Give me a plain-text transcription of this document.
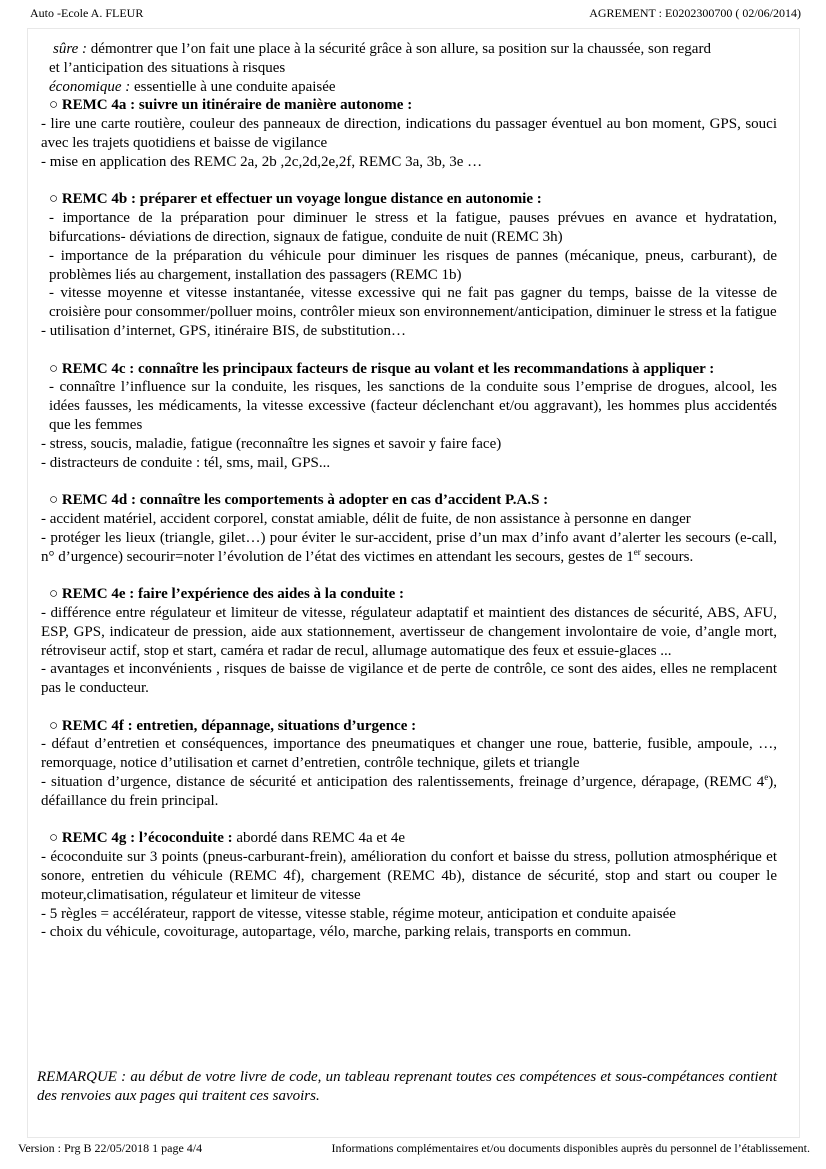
Auto -Ecole A. FLEUR	AGREMENT : E0202300700 ( 02/06/2014)

sûre : démontrer que l’on fait une place à la sécurité grâce à son allure, sa position sur la chaussée, son regard

et l’anticipation des situations à risques

économique : essentielle à une conduite apaisée

○ REMC 4a : suivre un itinéraire de manière autonome :

- lire une carte routière, couleur des panneaux de direction, indications du passager éventuel au bon moment, GPS, souci avec les trajets quotidiens et baisse de vigilance

- mise en application des REMC 2a, 2b ,2c,2d,2e,2f, REMC 3a, 3b, 3e …

○ REMC 4b : préparer et effectuer un voyage longue distance en autonomie :

- importance de la préparation pour diminuer le stress et la fatigue, pauses prévues en avance et hydratation, bifurcations- déviations de direction, signaux de fatigue, conduite de nuit (REMC 3h)

- importance de la préparation du véhicule pour diminuer les risques de pannes (mécanique, pneus, carburant), de problèmes liés au chargement, installation des passagers (REMC 1b)

- vitesse moyenne et vitesse instantanée, vitesse excessive qui ne fait pas gagner du temps, baisse de la vitesse de croisière pour consommer/polluer moins, contrôler mieux son environnement/anticipation, diminuer le stress et la fatigue

- utilisation d’internet, GPS, itinéraire BIS, de substitution…

○ REMC 4c : connaître les principaux facteurs de risque au volant et les recommandations à appliquer :

- connaître l’influence sur la conduite, les risques, les sanctions de la conduite sous l’emprise de drogues, alcool, les idées fausses, les médicaments, la vitesse excessive (facteur déclenchant et/ou aggravant), les hommes plus accidentés que les femmes

- stress, soucis, maladie, fatigue (reconnaître les signes et savoir y faire face)

- distracteurs de conduite : tél, sms, mail, GPS...

○ REMC 4d : connaître les comportements à adopter en cas d’accident P.A.S :

- accident matériel, accident corporel, constat amiable, délit de fuite, de non assistance à personne en danger

- protéger les lieux (triangle, gilet…) pour éviter le sur-accident, prise d’un max d’info avant d’alerter les secours (e-call, n° d’urgence) secourir=noter l’évolution de l’état des victimes en attendant les secours, gestes de 1er secours.

○ REMC 4e : faire l’expérience des aides à la conduite :

- différence entre régulateur et limiteur de vitesse, régulateur adaptatif et maintient des distances de sécurité, ABS, AFU, ESP, GPS, indicateur de pression, aide aux stationnement, avertisseur de changement involontaire de voie, d’angle mort, rétroviseur actif, stop et start, caméra et radar de recul, allumage automatique des feux et essuie-glaces ...

- avantages et inconvénients , risques de baisse de vigilance et de perte de contrôle, ce sont des aides, elles ne remplacent pas le conducteur.

○ REMC 4f : entretien, dépannage, situations d’urgence :

- défaut d’entretien et conséquences, importance des pneumatiques et changer une roue, batterie, fusible, ampoule, …, remorquage, notice d’utilisation et carnet d’entretien, contrôle technique, gilets et triangle

- situation d’urgence, distance de sécurité et anticipation des ralentissements, freinage d’urgence, dérapage, (REMC 4e), défaillance du frein principal.

○ REMC 4g : l’écoconduite : abordé dans REMC 4a et 4e

- écoconduite sur 3 points (pneus-carburant-frein), amélioration du confort et baisse du stress, pollution atmosphérique et sonore, entretien du véhicule (REMC 4f), chargement (REMC 4b), distance de sécurité, stop and start ou couper le moteur,climatisation, régulateur et limiteur de vitesse

- 5 règles = accélérateur, rapport de vitesse, vitesse stable, régime moteur, anticipation et conduite apaisée

- choix du véhicule, covoiturage, autopartage, vélo, marche, parking relais, transports en commun.

REMARQUE : au début de votre livre de code, un tableau reprenant toutes ces compétences et sous-compétances contient des renvoies aux pages qui traitent ces savoirs.

Version : Prg B 22/05/2018 1 page 4/4	Informations complémentaires et/ou documents disponibles auprès du personnel de l’établissement.
